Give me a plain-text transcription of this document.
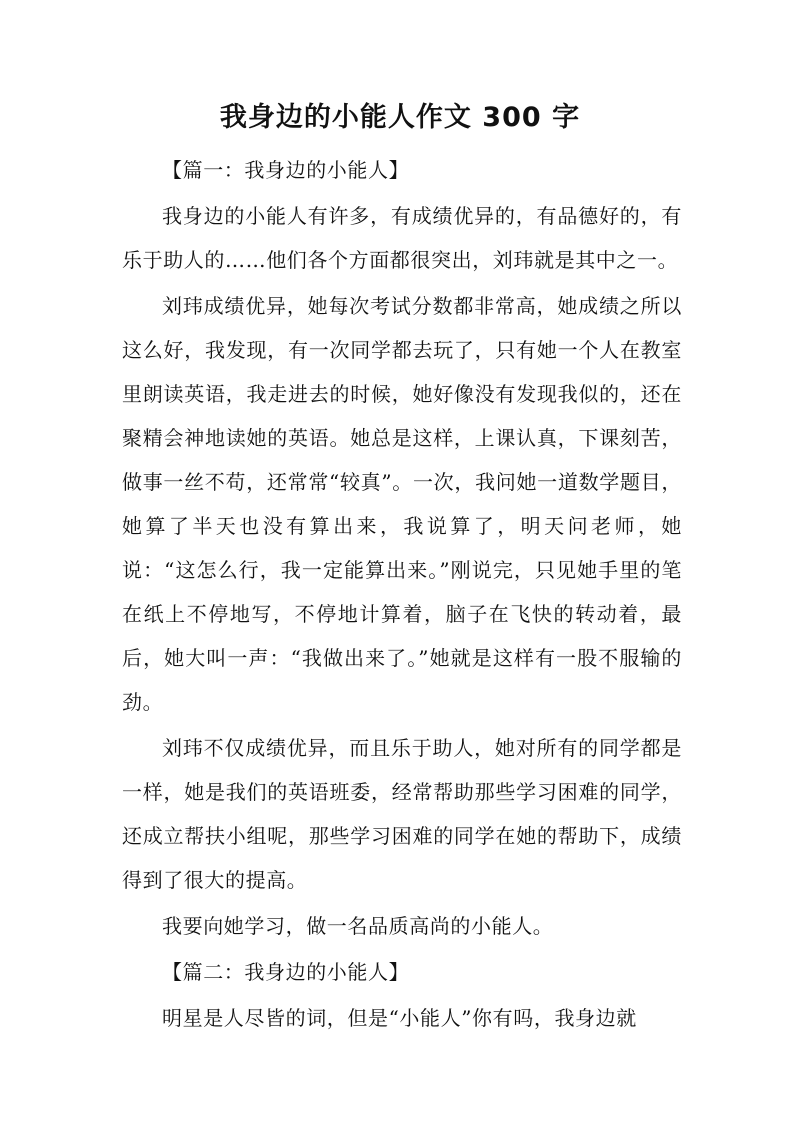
我身边的小能人作文 300 字
【篇一：我身边的小能人】

我身边的小能人有许多，有成绩优异的，有品德好的，有乐于助人的……他们各个方面都很突出，刘玮就是其中之一。

刘玮成绩优异，她每次考试分数都非常高，她成绩之所以这么好，我发现，有一次同学都去玩了，只有她一个人在教室里朗读英语，我走进去的时候，她好像没有发现我似的，还在聚精会神地读她的英语。她总是这样，上课认真，下课刻苦，做事一丝不苟，还常常“较真”。一次，我问她一道数学题目，她算了半天也没有算出来，我说算了，明天问老师，她说：“这怎么行，我一定能算出来。”刚说完，只见她手里的笔在纸上不停地写，不停地计算着，脑子在飞快的转动着，最后，她大叫一声：“我做出来了。”她就是这样有一股不服输的劲。

刘玮不仅成绩优异，而且乐于助人，她对所有的同学都是一样，她是我们的英语班委，经常帮助那些学习困难的同学，还成立帮扶小组呢，那些学习困难的同学在她的帮助下，成绩得到了很大的提高。

我要向她学习，做一名品质高尚的小能人。

【篇二：我身边的小能人】

明星是人尽皆的词，但是“小能人”你有吗，我身边就
